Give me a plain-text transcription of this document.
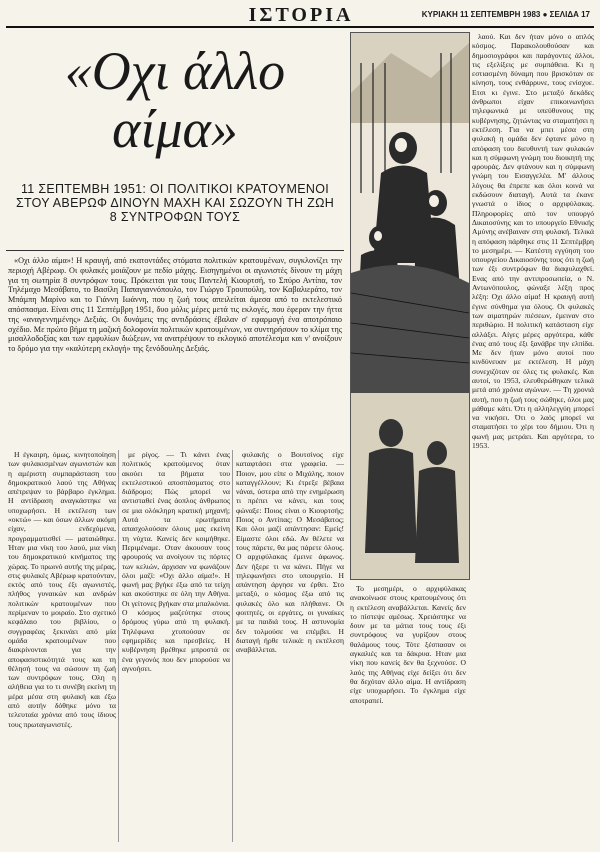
ΙΣΤΟΡΙΑ	ΚΥΡΙΑΚΗ 11 ΣΕΠΤΕΜΒΡΗ 1983 ● ΣΕΛΙΔΑ 17
«Οχι άλλο αίμα»
11 ΣΕΠΤΕΜΒΗ 1951: ΟΙ ΠΟΛΙΤΙΚΟΙ ΚΡΑΤΟΥΜΕΝΟΙ ΣΤΟΥ ΑΒΕΡΩΦ ΔΙΝΟΥΝ ΜΑΧΗ ΚΑΙ ΣΩΖΟΥΝ ΤΗ ΖΩΗ 8 ΣΥΝΤΡΟΦΩΝ ΤΟΥΣ

«Οχι άλλο αίμα»! Η κραυγή, από εκατοντάδες στόματα πολιτικών κρατουμένων, συγκλονίζει την περιοχή Αβέρωφ. Οι φυλακές μοιάζουν με πεδίο μάχης. Εισηγημένοι οι αγωνιστές δίνουν τη μάχη για τη σωτηρία 8 συντρόφων τους. Πρόκειται για τους Παντελή Κιουρτσή, το Σπύρο Αντίπα, τον Τηλέμαχο Μεσάβατο, το Βασίλη Παπαγιαννόπουλο, τον Γιώργο Τρουπούλη, τον Καβαλιεράτο, τον Μπάμπη Μαρίνο και το Γιάννη Ιωάννη, που η ζωή τους απειλείται άμεσα από το εκτελεστικό απόσπασμα. Είναι στις 11 Σεπτέμβρη 1951, δυο μόλις μέρες μετά τις εκλογές, που έφεραν την ήττα της «αναγεννημένης» Δεξιάς. Οι δυνάμεις της αντιδράσεις έβαλαν σ' εφαρμογή ένα αποτρόπαιο σχέδιο. Με πρώτο βήμα τη μαζική δολοφονία πολιτικών κρατουμένων, να συντηρήσουν το κλίμα της μισαλλοδοξίας και των εμφυλίων διώξεων, να ανατρέψουν το εκλογικό αποτέλεσμα και ν' ανοίξουν το δρόμο για την «καλύτερη εκλογή» της ξενόδουλης Δεξιάς.

Η έγκαιρη, όμως, κινητοποίηση των φυλακισμένων αγωνιστών και η αμέριστη συμπαράσταση του δημοκρατικού λαού της Αθήνας απέτρεψαν το βάρβαρο έγκλημα. Η αντίδραση αναγκάστηκε να υποχωρήσει. Η εκτέλεση των «οκτώ» — και όσων άλλων ακόμη είχαν, ενδεχόμενα, προγραμματισθεί — ματαιώθηκε. Ήταν μια νίκη του λαού, μια νίκη του δημοκρατικού κινήματος της χώρας. Το πρωινό αυτής της μέρας, στις φυλακές Αβέρωφ κρατούνταν, εκτός από τους έξι αγωνιστές, πλήθος γυναικών και ανδρών πολιτικών κρατουμένων που περίμεναν το μοιραίο. Στο σχετικό κεφάλαιο του βιβλίου, ο συγγραφέας ξεκινάει από μία ομάδα κρατουμένων που διακρίνονται για την αποφασιστικότητά τους και τη θέλησή τους να σώσουν τη ζωή των συντρόφων τους. Ολη η αλήθεια για το τι συνέβη εκείνη τη μέρα μέσα στη φυλακή και έξω από αυτήν δόθηκε μόνο τα τελευταία χρόνια από τους ίδιους τους πρωταγωνιστές.

με ρίγος. — Τι κάνει ένας πολιτικός κρατούμενος όταν ακούει τα βήματα του εκτελεστικού αποσπάσματος στο διάδρομο; Πώς μπορεί να αντισταθεί ένας άοπλος άνθρωπος σε μια ολόκληρη κρατική μηχανή; Αυτά τα ερωτήματα απασχολούσαν όλους μας εκείνη τη νύχτα. Κανείς δεν κοιμήθηκε. Περιμέναμε. Οταν άκουσαν τους φρουρούς να ανοίγουν τις πόρτες των κελιών, άρχισαν να φωνάζουν όλοι μαζί: «Οχι άλλο αίμα!». Η φωνή μας βγήκε έξω από τα τείχη και ακούστηκε σε όλη την Αθήνα. Οι γείτονες βγήκαν στα μπαλκόνια. Ο κόσμος μαζεύτηκε στους δρόμους γύρω από τη φυλακή. Τηλέφωνα χτυπούσαν σε εφημερίδες και πρεσβείες. Η κυβέρνηση βρέθηκε μπροστά σε ένα γεγονός που δεν μπορούσε να αγνοήσει.

φυλακής ο Βουτσίνος είχε καταφτάσει στα γραφεία. — Ποιον, μου είπε ο Μιχάλης, ποιον καταγγέλλουν; Κι έτρεξε βέβαια νάναι, ύστερα από την ενημέρωση τι πρέπει να κάνει, και τους φώναξε: Ποιος είναι ο Κιουρτσής; Ποιος ο Αντίπας; Ο Μεσάβατος; Και όλοι μαζί απάντησαν: Εμείς! Είμαστε όλοι εδώ. Αν θέλετε να τους πάρετε, θα μας πάρετε όλους. Ο αρχιφύλακας έμεινε άφωνος. Δεν ήξερε τι να κάνει. Πήγε να τηλεφωνήσει στο υπουργείο. Η απάντηση άργησε να έρθει. Στο μεταξύ, ο κόσμος έξω από τις φυλακές όλο και πλήθαινε. Οι φοιτητές, οι εργάτες, οι γυναίκες με τα παιδιά τους. Η αστυνομία δεν τολμούσε να επέμβει. Η διαταγή ήρθε τελικά: η εκτέλεση αναβάλλεται.

Το μεσημέρι, ο αρχιφύλακας ανακοίνωσε στους κρατουμένους ότι η εκτέλεση αναβάλλεται. Κανείς δεν το πίστεψε αμέσως. Χρειάστηκε να δουν με τα μάτια τους τους έξι συντρόφους να γυρίζουν στους θαλάμους τους. Τότε ξέσπασαν οι αγκαλιές και τα δάκρυα. Ηταν μια νίκη που κανείς δεν θα ξεχνούσε. Ο λαός της Αθήνας είχε δείξει ότι δεν θα δεχόταν άλλο αίμα. Η αντίδραση είχε υποχωρήσει. Το έγκλημα είχε αποτραπεί.

λαού. Και δεν ήταν μόνο ο απλός κόσμος. Παρακολουθούσαν και δημοσιογράφοι και παράγοντες άλλοι, τις εξελίξεις με συμπάθεια. Κι η εστιασμένη δύναμη που βρισκόταν σε κίνηση, τους ενθάρρυνε, τους ενίσχυε. Ετσι κι έγινε. Στο μεταξύ δεκάδες άνθρωποι είχαν επικοινωνήσει τηλεφωνικά με υπεύθυνους της κυβέρνησης, ζητώντας να σταματήσει η εκτέλεση. Για να μπει μέσα στη φυλακή η ομάδα δεν έφτανε μόνο η απόφαση του διευθυντή των φυλακών και η σύμφωνη γνώμη του διοικητή της φρουράς. Δεν φτάνουν και η σύμφωνη γνώμη του Εισαγγελέα. Μ' άλλους λόγους θα έπρεπε και όλοι κοινά να εκδώσουν διαταγή. Αυτά τα έκανε γνωστά ο ίδιος ο αρχιφύλακας. Πληροφορίες από τον υπουργό Δικαιοσύνης και το υπουργείο Εθνικής Αμύνης ανέβαιναν στη φυλακή. Τελικά η απόφαση πάρθηκε στις 11 Σεπτέμβρη το μεσημέρι. — Κατέστη εγγύηση του υπουργείου Δικαιοσύνης τους ότι η ζωή των έξι συντρόφων θα διαφυλαχθεί. Ενας από την αντιπροσωπεία, ο Ν. Αντωνόπουλος, φώναξε λέξη προς λέξη: Οχι άλλο αίμα! Η κραυγή αυτή έγινε σύνθημα για όλους. Οι φυλακές των αιματηρών πιέσεων, έμειναν στο περιθώριο. Η πολιτική κατάσταση είχε αλλάξει. Αίγες μέρες αργότερα, κάθε ένας από τους έξι ξανάβρε την ελπίδα. Με δεν ήταν μόνο αυτοί που κινδύνευαν με εκτέλεση. Η μάχη συνεχιζόταν σε όλες τις φυλακές. Και αυτοί, το 1953, ελευθερώθηκαν τελικά μετά από χρόνια αγώνων. — Τη χρονιά αυτή, που η ζωή τους σώθηκε, όλοι μας μάθαμε κάτι. Ότι η αλληλεγγύη μπορεί να νικήσει. Ότι ο λαός μπορεί να σταματήσει το χέρι του δήμιου. Ότι η φωνή μας μετράει. Και αργότερα, το 1953.
